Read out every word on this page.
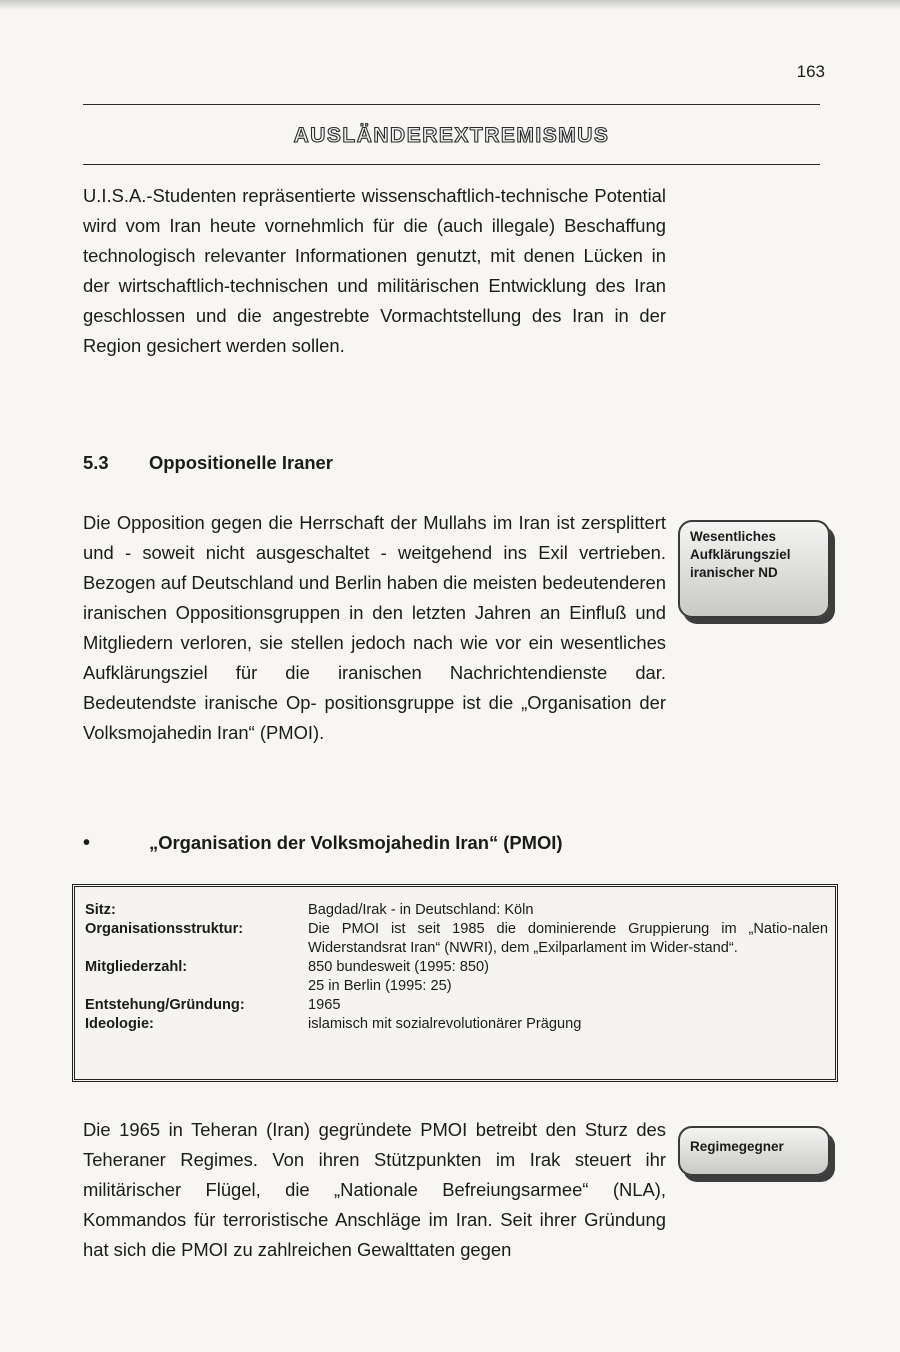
163
AUSLÄNDEREXTREMISMUS

U.I.S.A.-Studenten repräsentierte wissenschaftlich-technische Potential wird vom Iran heute vornehmlich für die (auch illegale) Beschaffung technologisch relevanter Informationen genutzt, mit denen Lücken in der wirtschaftlich-technischen und militärischen Entwicklung des Iran geschlossen und die angestrebte Vormachtstellung des Iran in der Region gesichert werden sollen.

5.3 Oppositionelle Iraner

Die Opposition gegen die Herrschaft der Mullahs im Iran ist zersplittert und - soweit nicht ausgeschaltet - weitgehend ins Exil vertrieben. Bezogen auf Deutschland und Berlin haben die meisten bedeutenderen iranischen Oppositionsgruppen in den letzten Jahren an Einfluß und Mitgliedern verloren, sie stellen jedoch nach wie vor ein wesentliches Aufklärungsziel für die iranischen Nachrichtendienste dar. Bedeutendste iranische Op- positionsgruppe ist die „Organisation der Volksmojahedin Iran“ (PMOI).

Wesentliches
Aufklärungsziel
iranischer ND
•	„Organisation der Volksmojahedin Iran“ (PMOI)
Sitz:	Bagdad/Irak - in Deutschland: Köln
Organisationsstruktur:	Die PMOI ist seit 1985 die dominierende Gruppierung im „Natio-nalen Widerstandsrat Iran“ (NWRI), dem „Exilparlament im Wider-stand“.
Mitgliederzahl:	850 bundesweit (1995: 850)
	25 in Berlin (1995: 25)
Entstehung/Gründung:	1965
Ideologie:	islamisch mit sozialrevolutionärer Prägung

Die 1965 in Teheran (Iran) gegründete PMOI betreibt den Sturz des Teheraner Regimes. Von ihren Stützpunkten im Irak steuert ihr militärischer Flügel, die „Nationale Befreiungsarmee“ (NLA), Kommandos für terroristische Anschläge im Iran. Seit ihrer Gründung hat sich die PMOI zu zahlreichen Gewalttaten gegen

Regimegegner
